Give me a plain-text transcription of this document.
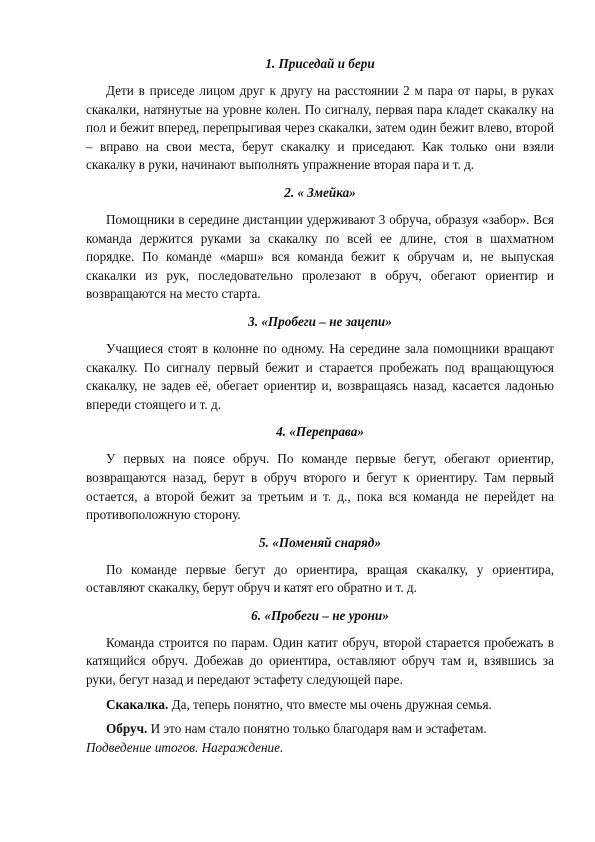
1. Приседай и бери

Дети в приседе лицом друг к другу на расстоянии 2 м пара от пары, в руках скакалки, натянутые на уровне колен. По сигналу, первая пара кладет скакалку на пол и бежит вперед, перепрыгивая через скакалки, затем один бежит влево, второй – вправо на свои места, берут скакалку и приседают. Как только они взяли скакалку в руки, начинают выполнять упражнение вторая пара и т. д.

2. « Змейка»

Помощники в середине дистанции удерживают 3 обруча, образуя «забор». Вся команда держится руками за скакалку по всей ее длине, стоя в шахматном порядке. По команде «марш» вся команда бежит к обручам и, не выпуская скакалки из рук, последовательно пролезают в обруч, обегают ориентир и возвращаются на место старта.

3. «Пробеги – не зацепи»

Учащиеся стоят в колонне по одному. На середине зала помощники вращают скакалку. По сигналу первый бежит и старается пробежать под вращающуюся скакалку, не задев её, обегает ориентир и, возвращаясь назад, касается ладонью впереди стоящего и т. д.

4. «Переправа»

У первых на поясе обруч. По команде первые бегут, обегают ориентир, возвращаются назад, берут в обруч второго и бегут к ориентиру. Там первый остается, а второй бежит за третьим и т. д., пока вся команда не перейдет на противоположную сторону.

5. «Поменяй снаряд»

По команде первые бегут до ориентира, вращая скакалку, у ориентира, оставляют скакалку, берут обруч и катят его обратно и т. д.

6. «Пробеги – не урони»

Команда строится по парам. Один катит обруч, второй старается пробежать в катящийся обруч. Добежав до ориентира, оставляют обруч там и, взявшись за руки, бегут назад и передают эстафету следующей паре.

Скакалка. Да, теперь понятно, что вместе мы очень дружная семья.

Обруч. И это нам стало понятно только благодаря вам и эстафетам.

Подведение итогов. Награждение.
